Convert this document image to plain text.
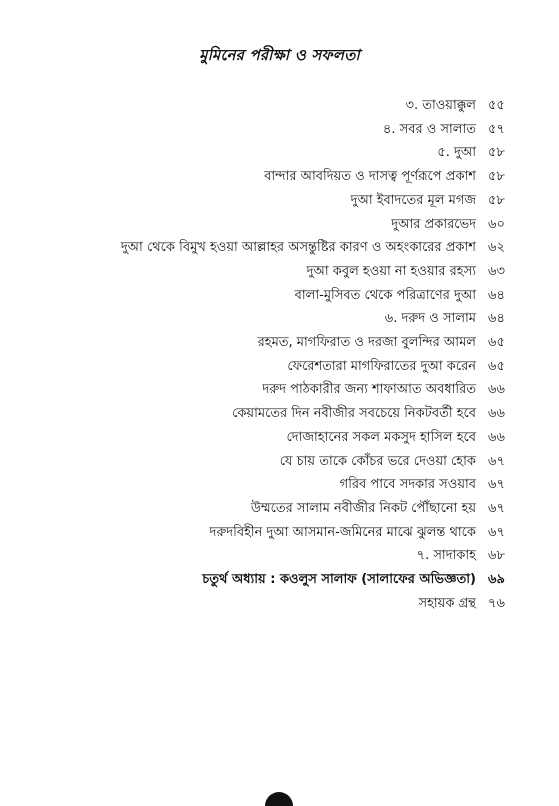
মুমিনের পরীক্ষা ও সফলতা
৩. তাওয়াক্কুল ৫৫
৪. সবর ও সালাত ৫৭
৫. দুআ ৫৮
বান্দার আবদিয়ত ও দাসত্ব পূর্ণরূপে প্রকাশ ৫৮
দুআ ইবাদতের মূল মগজ ৫৮
দুআর প্রকারভেদ ৬০
দুআ থেকে বিমুখ হওয়া আল্লাহর অসন্তুষ্টির কারণ ও অহংকারের প্রকাশ ৬২
দুআ কবুল হওয়া না হওয়ার রহস্য ৬৩
বালা-মুসিবত থেকে পরিত্রাণের দুআ ৬৪
৬. দরুদ ও সালাম ৬৪
রহমত, মাগফিরাত ও দরজা বুলন্দির আমল ৬৫
ফেরেশতারা মাগফিরাতের দুআ করেন ৬৫
দরুদ পাঠকারীর জন্য শাফাআত অবধারিত ৬৬
কেয়ামতের দিন নবীজীর সবচেয়ে নিকটবর্তী হবে ৬৬
দোজাহানের সকল মকসুদ হাসিল হবে ৬৬
যে চায় তাকে কোঁচর ভরে দেওয়া হোক ৬৭
গরিব পাবে সদকার সওয়াব ৬৭
উম্মতের সালাম নবীজীর নিকট পৌঁছানো হয় ৬৭
দরুদবিহীন দুআ আসমান-জমিনের মাঝে ঝুলন্ত থাকে ৬৭
৭. সাদাকাহ ৬৮
চতুর্থ অধ্যায় : কওলুস সালাফ (সালাফের অভিজ্ঞতা) ৬৯
সহায়ক গ্রন্থ ৭৬
